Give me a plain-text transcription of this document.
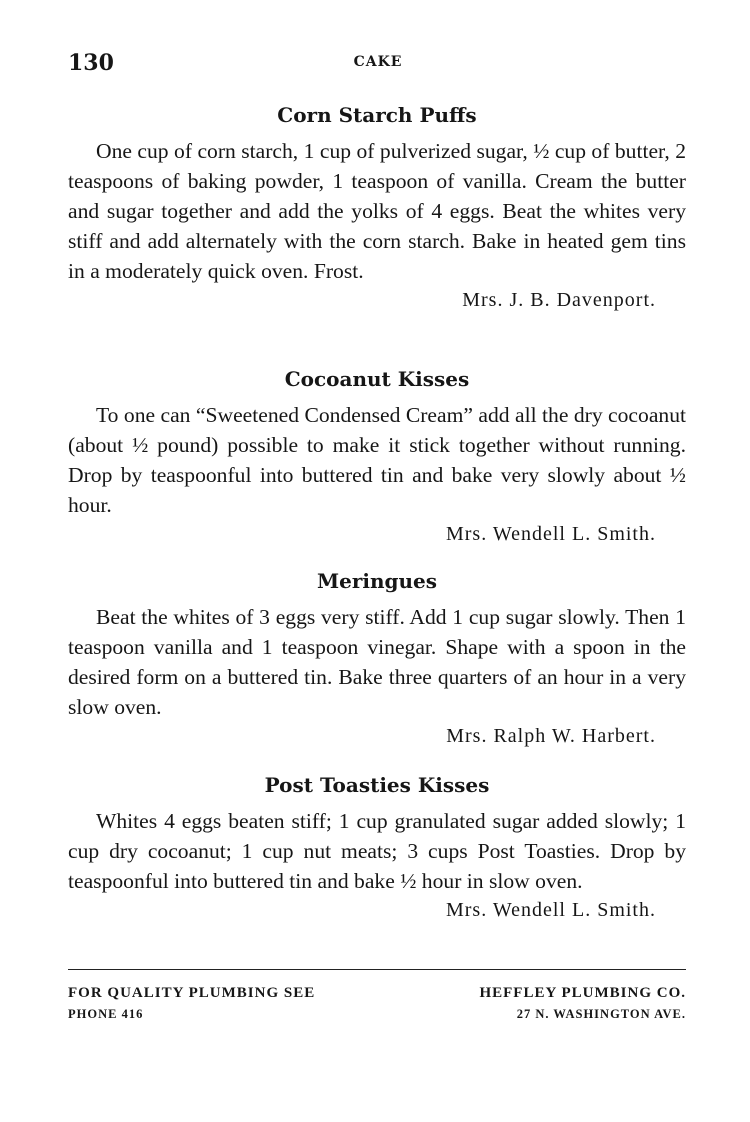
130	CAKE
Corn Starch Puffs
One cup of corn starch, 1 cup of pulverized sugar, ½ cup of butter, 2 teaspoons of baking powder, 1 teaspoon of vanilla. Cream the butter and sugar together and add the yolks of 4 eggs. Beat the whites very stiff and add alternately with the corn starch. Bake in heated gem tins in a moderately quick oven. Frost.
Mrs. J. B. Davenport.
Cocoanut Kisses
To one can “Sweetened Condensed Cream” add all the dry cocoanut (about ½ pound) possible to make it stick together without running. Drop by teaspoonful into buttered tin and bake very slowly about ½ hour.
Mrs. Wendell L. Smith.
Meringues
Beat the whites of 3 eggs very stiff. Add 1 cup sugar slowly. Then 1 teaspoon vanilla and 1 teaspoon vinegar. Shape with a spoon in the desired form on a buttered tin. Bake three quarters of an hour in a very slow oven.
Mrs. Ralph W. Harbert.
Post Toasties Kisses
Whites 4 eggs beaten stiff; 1 cup granulated sugar added slowly; 1 cup dry cocoanut; 1 cup nut meats; 3 cups Post Toasties. Drop by teaspoonful into buttered tin and bake ½ hour in slow oven.
Mrs. Wendell L. Smith.
FOR QUALITY PLUMBING SEE	HEFFLEY PLUMBING CO.
PHONE 416	27 N. WASHINGTON AVE.
